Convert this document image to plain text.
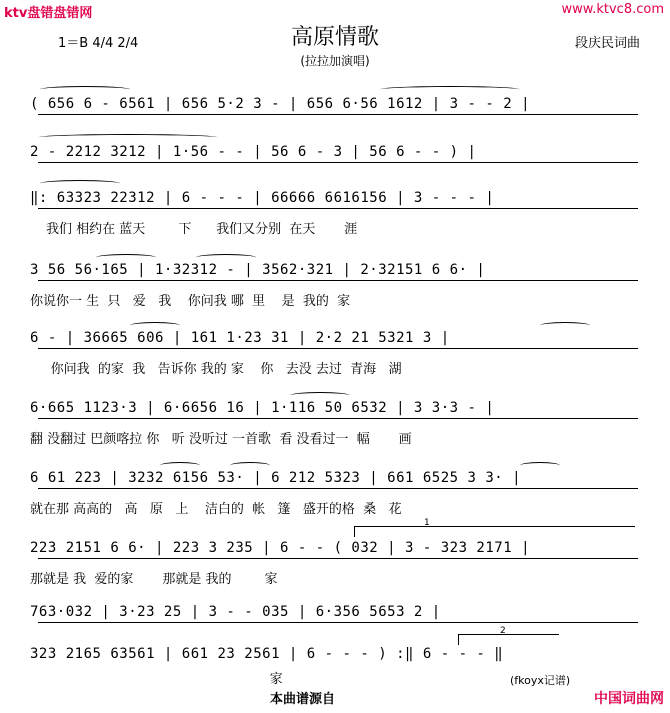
ktv盘错盘错网	www.ktvc8.com
高原情歌
(拉拉加演唱)
1＝B 4/4 2/4	段庆民词曲
( 656 6 - 6561 | 656 5·2 3 - | 656 6·56 1612 | 3 - - 2 |
2 - 2212 3212 | 1·56 - - | 56 6 - 3 | 56 6 - - ) |
‖: 63323 22312 | 6 - - - | 66666 6616156 | 3 - - - |
我们 相约在 蓝天        下      我们又分别  在天       涯
3 56 56·165 | 1·32312 - | 3562·321 | 2·32151 6 6· |
你说你一 生  只   爱   我    你问我 哪  里    是  我的  家
6 - | 36665 606 | 161 1·23 31 | 2·2 21 5321 3 |
你问我  的家  我   告诉你 我的 家    你   去没 去过  青海   湖
6·665 1123·3 | 6·6656 16 | 1·116 50 6532 | 3 3·3 - |
翻 没翻过 巴颜喀拉 你   听 没听过 一首歌  看 没看过一  幅       画
6 61 223 | 3232 6156 53· | 6 212 5323 | 661 6525 3 3· |
就在那 高高的   高   原   上    洁白的  帐   篷   盛开的格  桑   花
1
223 2151 6 6· | 223 3 235 | 6 - - ( 032 | 3 - 323 2171 |
那就是 我  爱的家       那就是 我的        家
763·032 | 3·23 25 | 3 - - 035 | 6·356 5653 2 |
2
323 2165 63561 | 661 23 2561 | 6 - - - ) :‖ 6 - - - ‖
家	(fkoyx记谱)
本曲谱源自	中国词曲网
